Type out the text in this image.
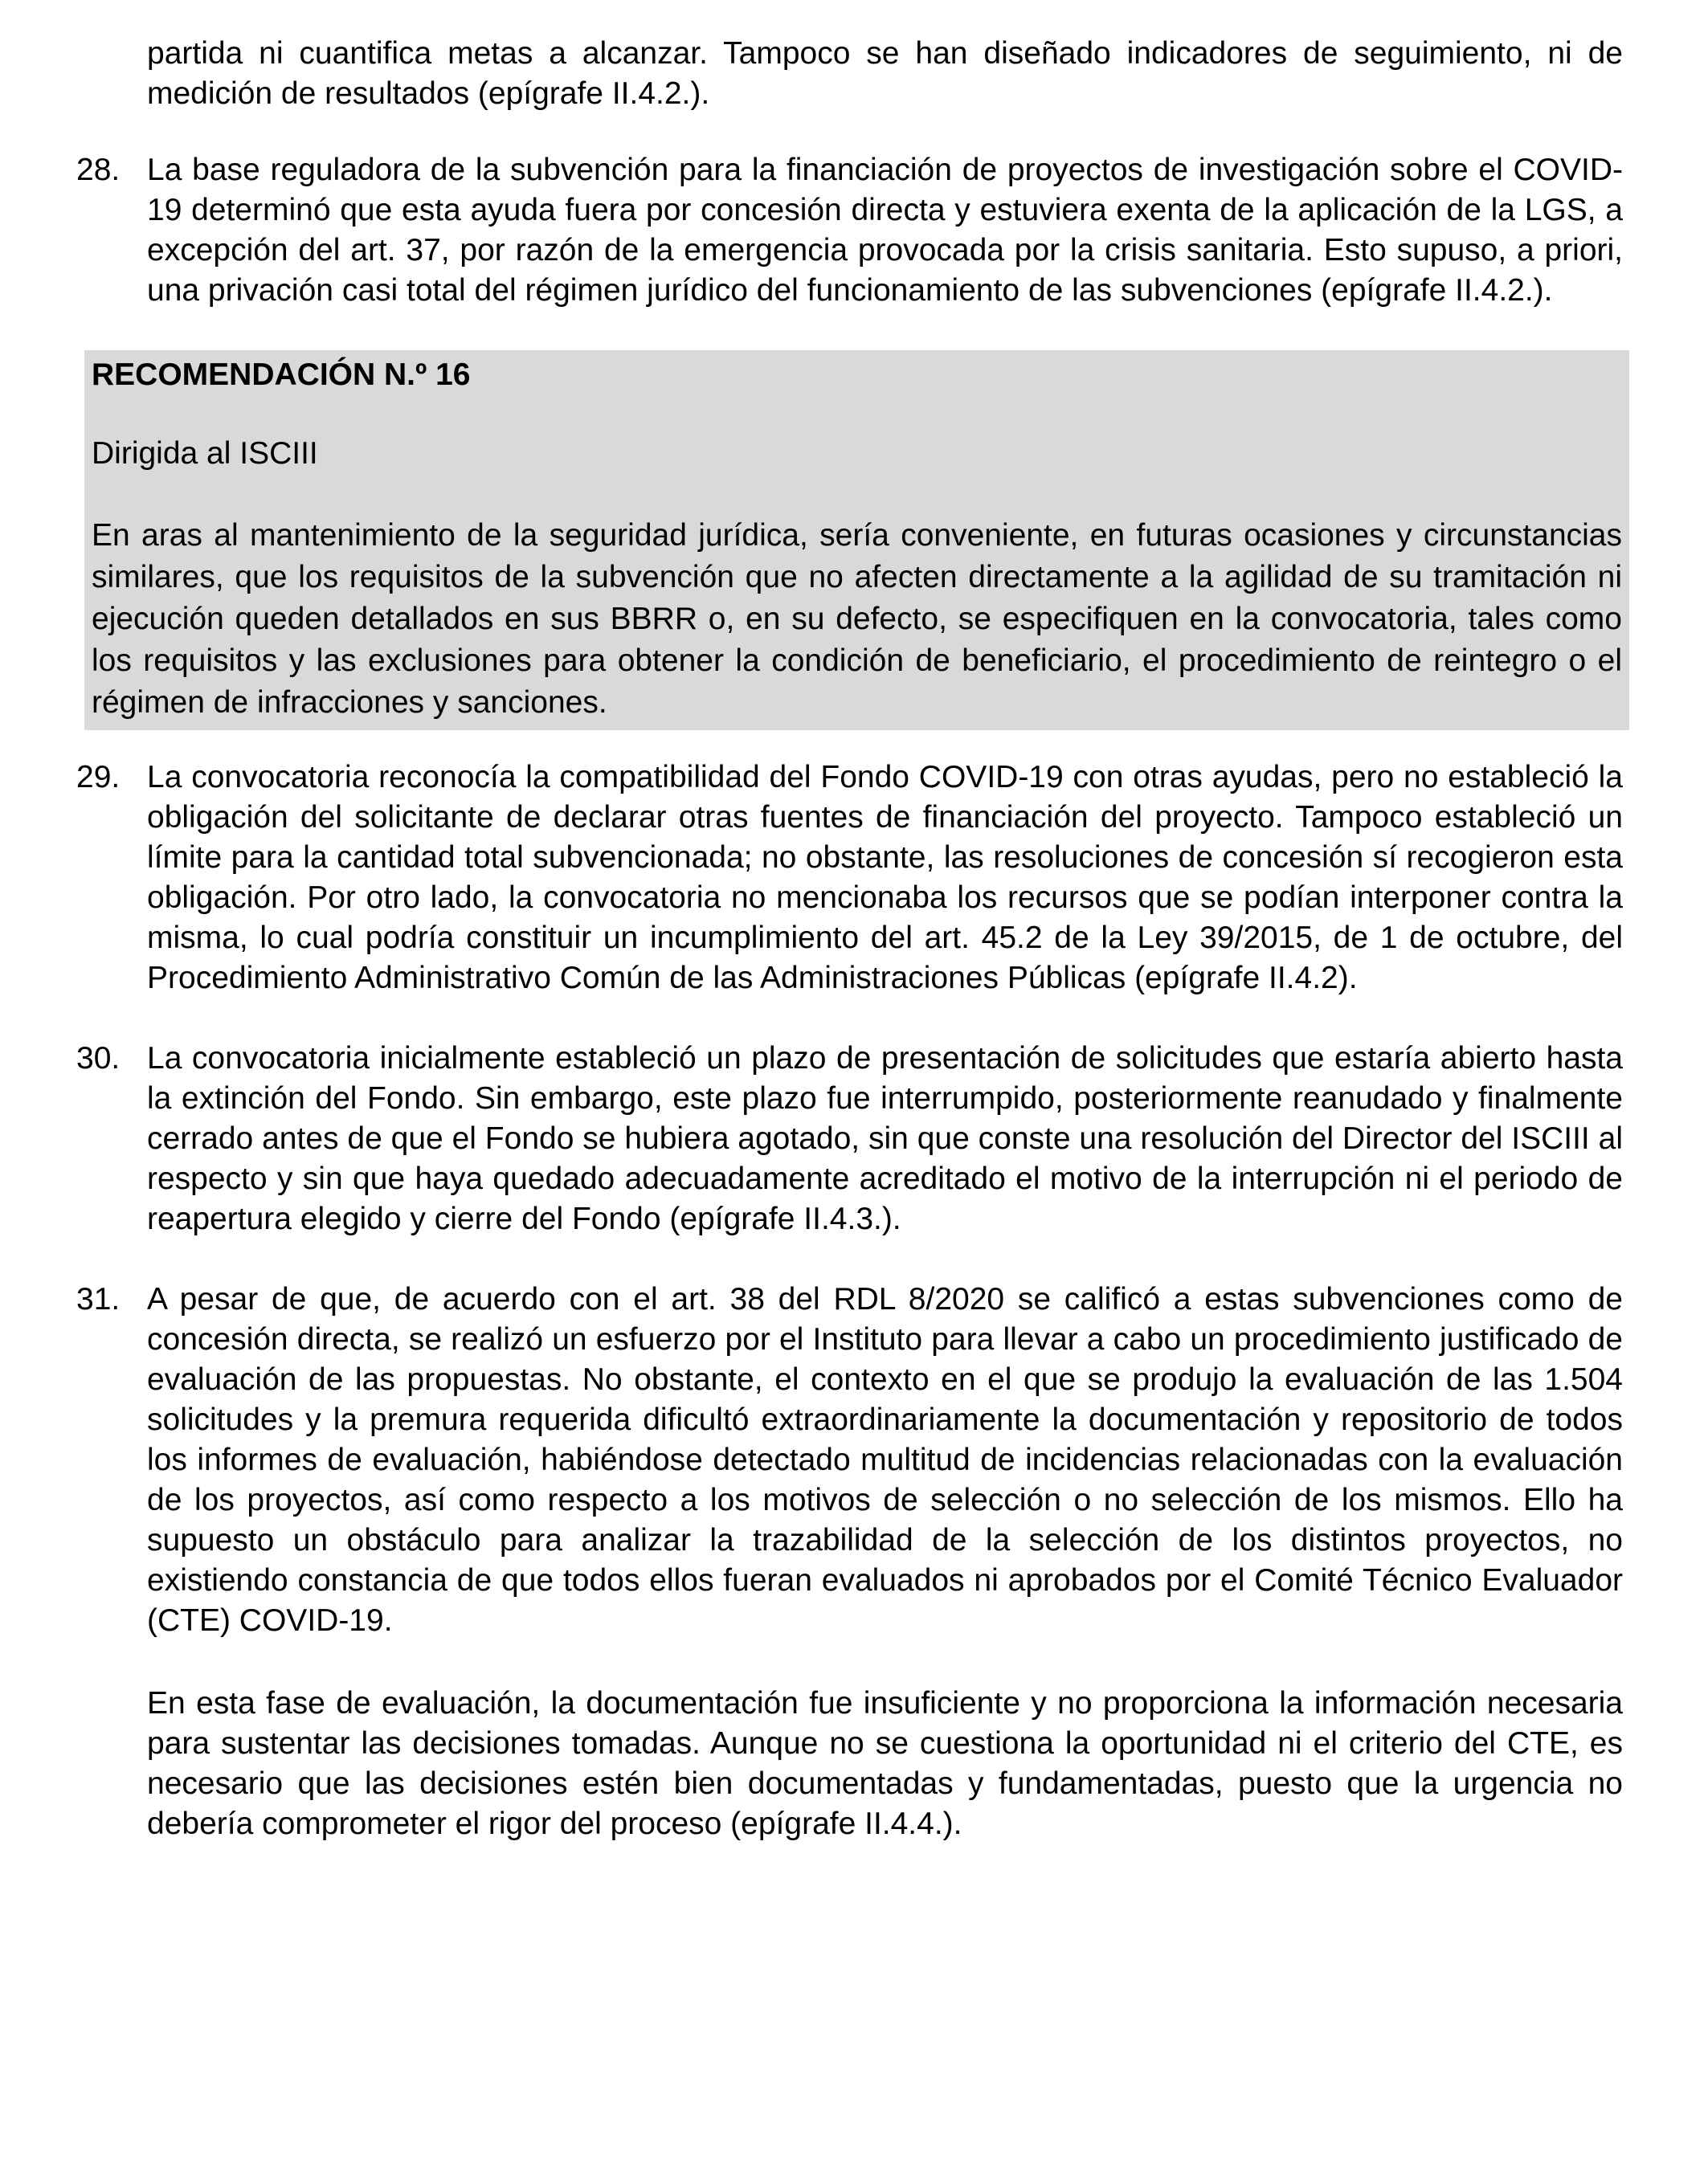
partida ni cuantifica metas a alcanzar. Tampoco se han diseñado indicadores de seguimiento, ni de medición de resultados (epígrafe II.4.2.).

28. La base reguladora de la subvención para la financiación de proyectos de investigación sobre el COVID-19 determinó que esta ayuda fuera por concesión directa y estuviera exenta de la aplicación de la LGS, a excepción del art. 37, por razón de la emergencia provocada por la crisis sanitaria. Esto supuso, a priori, una privación casi total del régimen jurídico del funcionamiento de las subvenciones (epígrafe II.4.2.).
RECOMENDACIÓN N.º 16
Dirigida al ISCIII
En aras al mantenimiento de la seguridad jurídica, sería conveniente, en futuras ocasiones y circunstancias similares, que los requisitos de la subvención que no afecten directamente a la agilidad de su tramitación ni ejecución queden detallados en sus BBRR o, en su defecto, se especifiquen en la convocatoria, tales como los requisitos y las exclusiones para obtener la condición de beneficiario, el procedimiento de reintegro o el régimen de infracciones y sanciones.
29. La convocatoria reconocía la compatibilidad del Fondo COVID-19 con otras ayudas, pero no estableció la obligación del solicitante de declarar otras fuentes de financiación del proyecto. Tampoco estableció un límite para la cantidad total subvencionada; no obstante, las resoluciones de concesión sí recogieron esta obligación. Por otro lado, la convocatoria no mencionaba los recursos que se podían interponer contra la misma, lo cual podría constituir un incumplimiento del art. 45.2 de la Ley 39/2015, de 1 de octubre, del Procedimiento Administrativo Común de las Administraciones Públicas (epígrafe II.4.2).
30. La convocatoria inicialmente estableció un plazo de presentación de solicitudes que estaría abierto hasta la extinción del Fondo. Sin embargo, este plazo fue interrumpido, posteriormente reanudado y finalmente cerrado antes de que el Fondo se hubiera agotado, sin que conste una resolución del Director del ISCIII al respecto y sin que haya quedado adecuadamente acreditado el motivo de la interrupción ni el periodo de reapertura elegido y cierre del Fondo (epígrafe II.4.3.).
31. A pesar de que, de acuerdo con el art. 38 del RDL 8/2020 se calificó a estas subvenciones como de concesión directa, se realizó un esfuerzo por el Instituto para llevar a cabo un procedimiento justificado de evaluación de las propuestas. No obstante, el contexto en el que se produjo la evaluación de las 1.504 solicitudes y la premura requerida dificultó extraordinariamente la documentación y repositorio de todos los informes de evaluación, habiéndose detectado multitud de incidencias relacionadas con la evaluación de los proyectos, así como respecto a los motivos de selección o no selección de los mismos. Ello ha supuesto un obstáculo para analizar la trazabilidad de la selección de los distintos proyectos, no existiendo constancia de que todos ellos fueran evaluados ni aprobados por el Comité Técnico Evaluador (CTE) COVID-19.

En esta fase de evaluación, la documentación fue insuficiente y no proporciona la información necesaria para sustentar las decisiones tomadas. Aunque no se cuestiona la oportunidad ni el criterio del CTE, es necesario que las decisiones estén bien documentadas y fundamentadas, puesto que la urgencia no debería comprometer el rigor del proceso (epígrafe II.4.4.).
